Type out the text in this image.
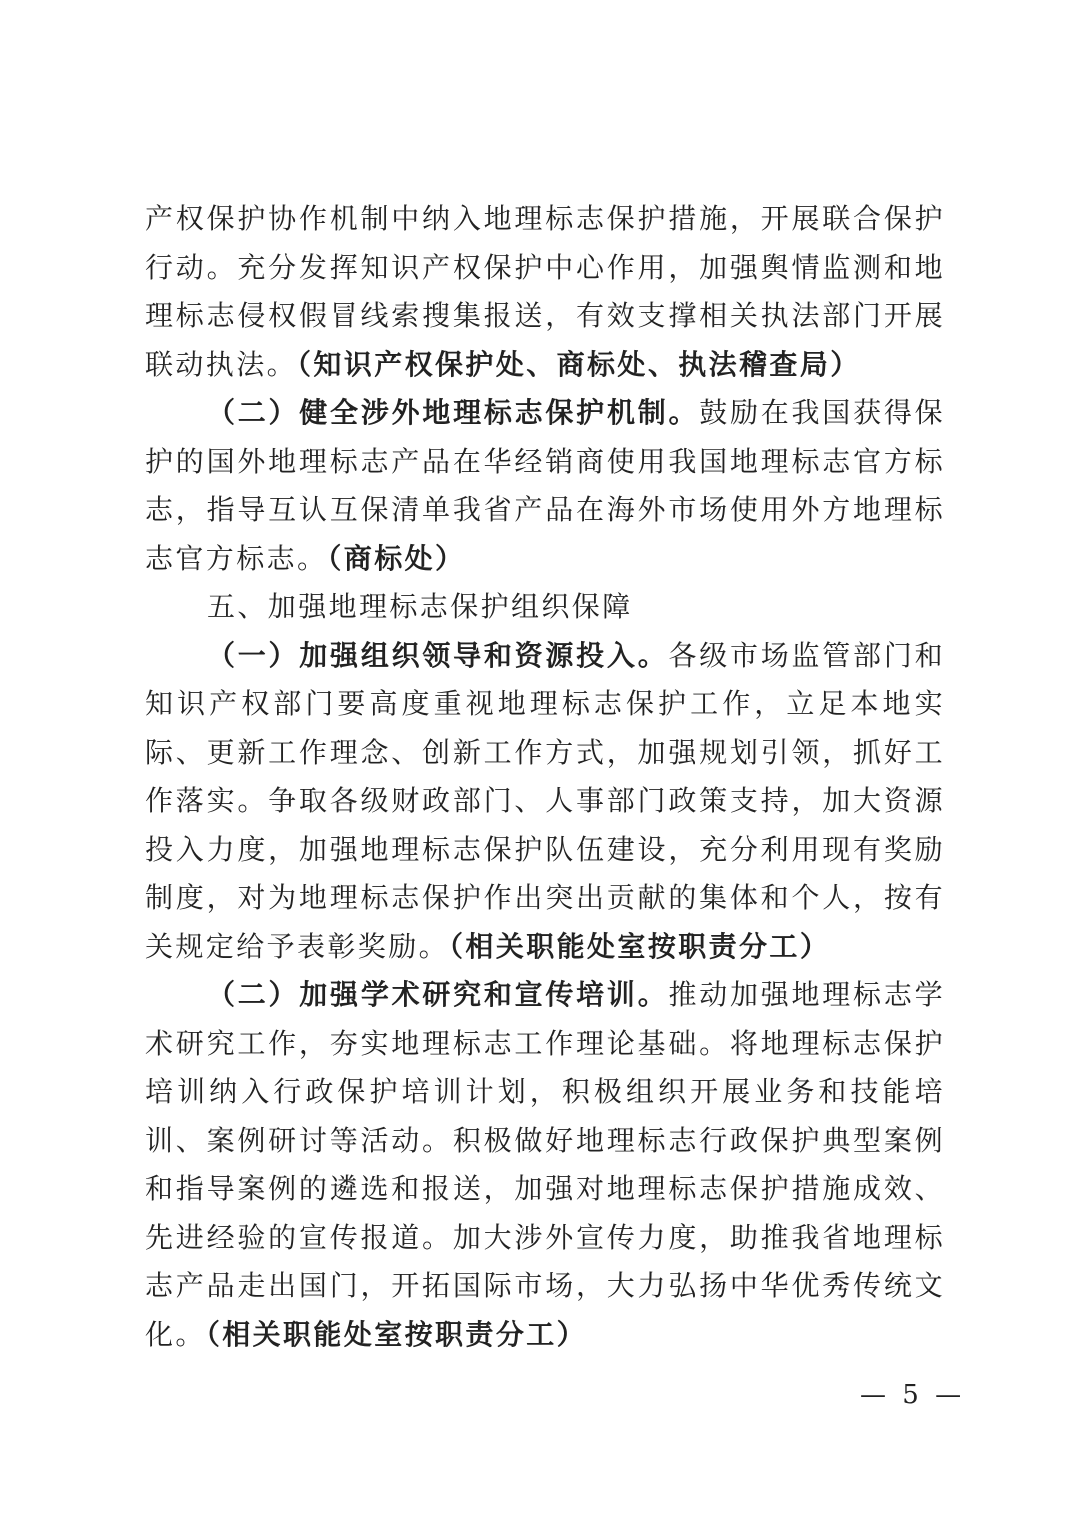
产权保护协作机制中纳入地理标志保护措施，开展联合保护行动。充分发挥知识产权保护中心作用，加强舆情监测和地理标志侵权假冒线索搜集报送，有效支撑相关执法部门开展联动执法。（知识产权保护处、商标处、执法稽查局）

（二）健全涉外地理标志保护机制。鼓励在我国获得保护的国外地理标志产品在华经销商使用我国地理标志官方标志，指导互认互保清单我省产品在海外市场使用外方地理标志官方标志。（商标处）

五、加强地理标志保护组织保障

（一）加强组织领导和资源投入。各级市场监管部门和知识产权部门要高度重视地理标志保护工作，立足本地实际、更新工作理念、创新工作方式，加强规划引领，抓好工作落实。争取各级财政部门、人事部门政策支持，加大资源投入力度，加强地理标志保护队伍建设，充分利用现有奖励制度，对为地理标志保护作出突出贡献的集体和个人，按有关规定给予表彰奖励。（相关职能处室按职责分工）

（二）加强学术研究和宣传培训。推动加强地理标志学术研究工作，夯实地理标志工作理论基础。将地理标志保护培训纳入行政保护培训计划，积极组织开展业务和技能培训、案例研讨等活动。积极做好地理标志行政保护典型案例和指导案例的遴选和报送，加强对地理标志保护措施成效、先进经验的宣传报道。加大涉外宣传力度，助推我省地理标志产品走出国门，开拓国际市场，大力弘扬中华优秀传统文化。（相关职能处室按职责分工）

— 5 —
